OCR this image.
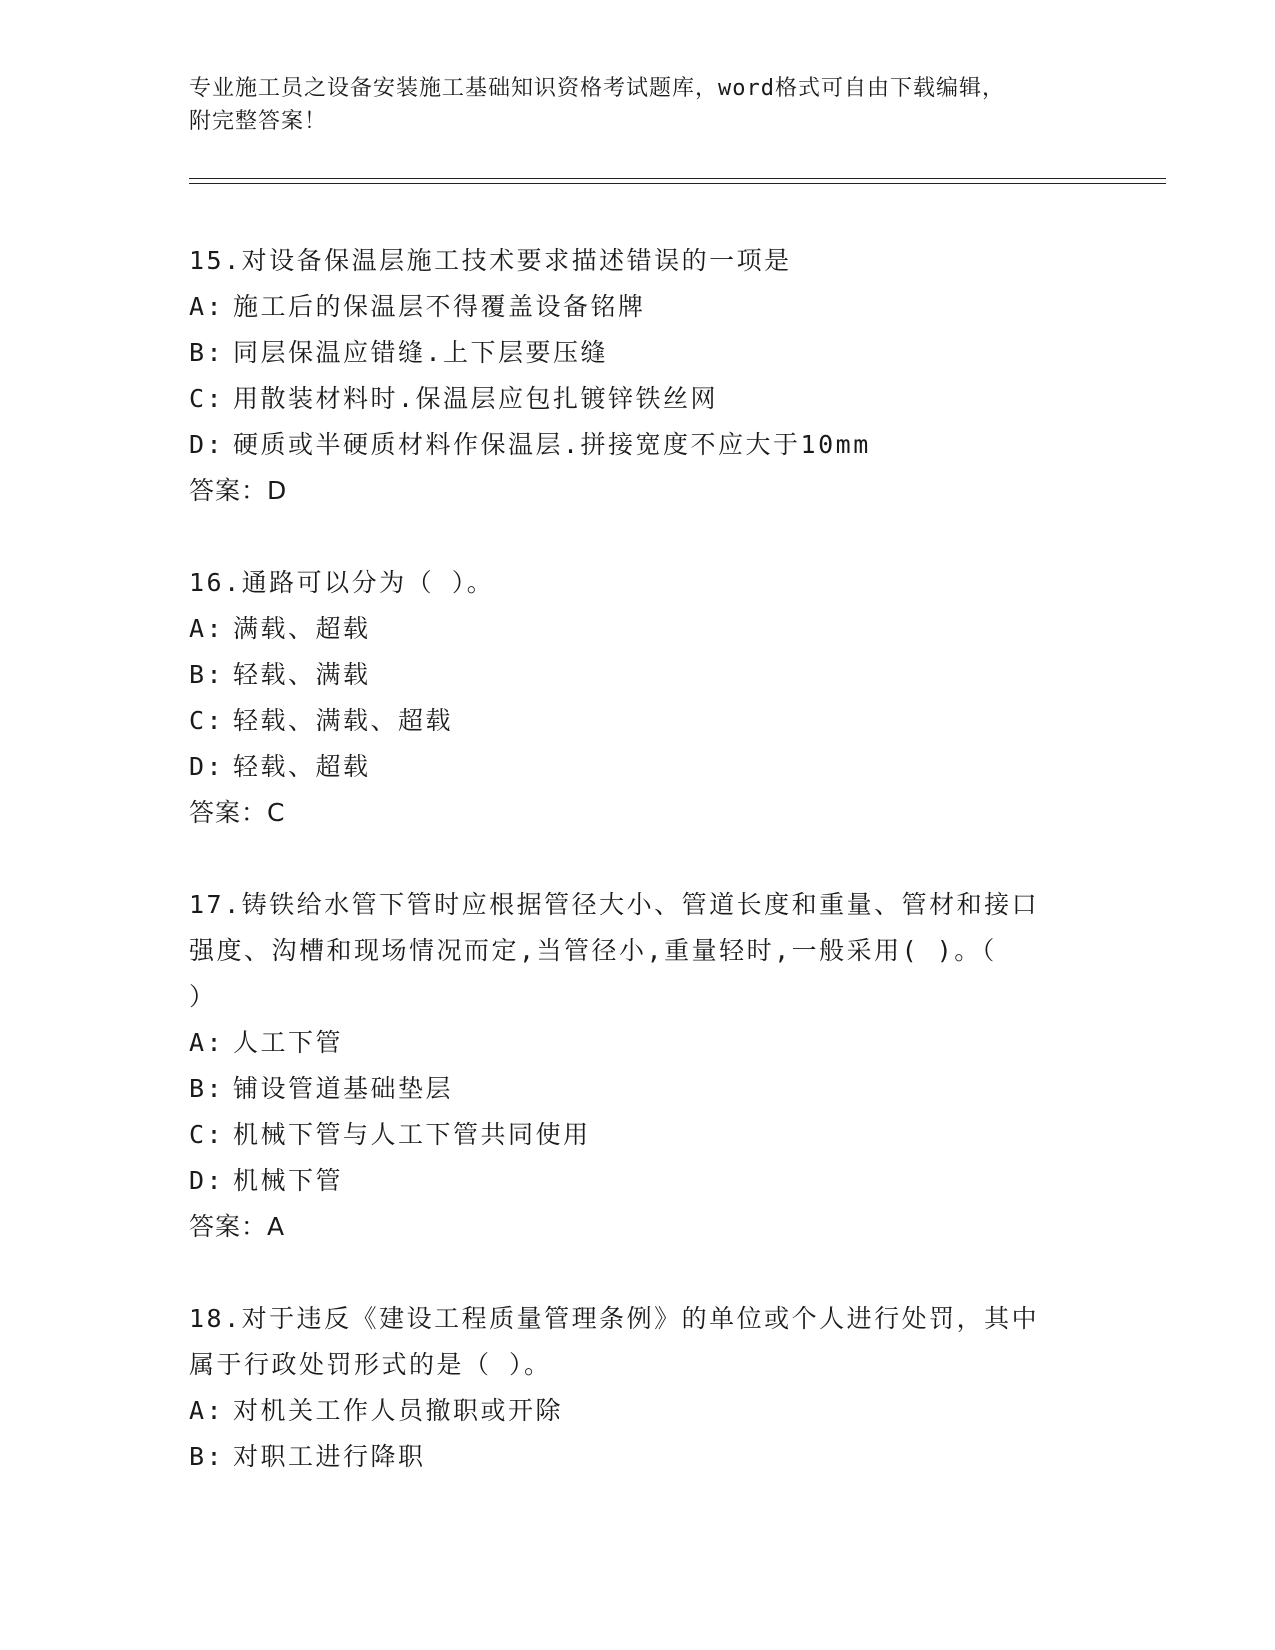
专业施工员之设备安装施工基础知识资格考试题库，word格式可自由下载编辑，
附完整答案！
15.对设备保温层施工技术要求描述错误的一项是
A: 施工后的保温层不得覆盖设备铭牌
B: 同层保温应错缝.上下层要压缝
C: 用散装材料时.保温层应包扎镀锌铁丝网
D: 硬质或半硬质材料作保温层.拼接宽度不应大于10mm
答案：D
16.通路可以分为（ ）。
A: 满载、超载
B: 轻载、满载
C: 轻载、满载、超载
D: 轻载、超载
答案：C
17.铸铁给水管下管时应根据管径大小、管道长度和重量、管材和接口
强度、沟槽和现场情况而定,当管径小,重量轻时,一般采用( )。（
）
A: 人工下管
B: 铺设管道基础垫层
C: 机械下管与人工下管共同使用
D: 机械下管
答案：A
18.对于违反《建设工程质量管理条例》的单位或个人进行处罚，其中
属于行政处罚形式的是（ ）。
A: 对机关工作人员撤职或开除
B: 对职工进行降职
